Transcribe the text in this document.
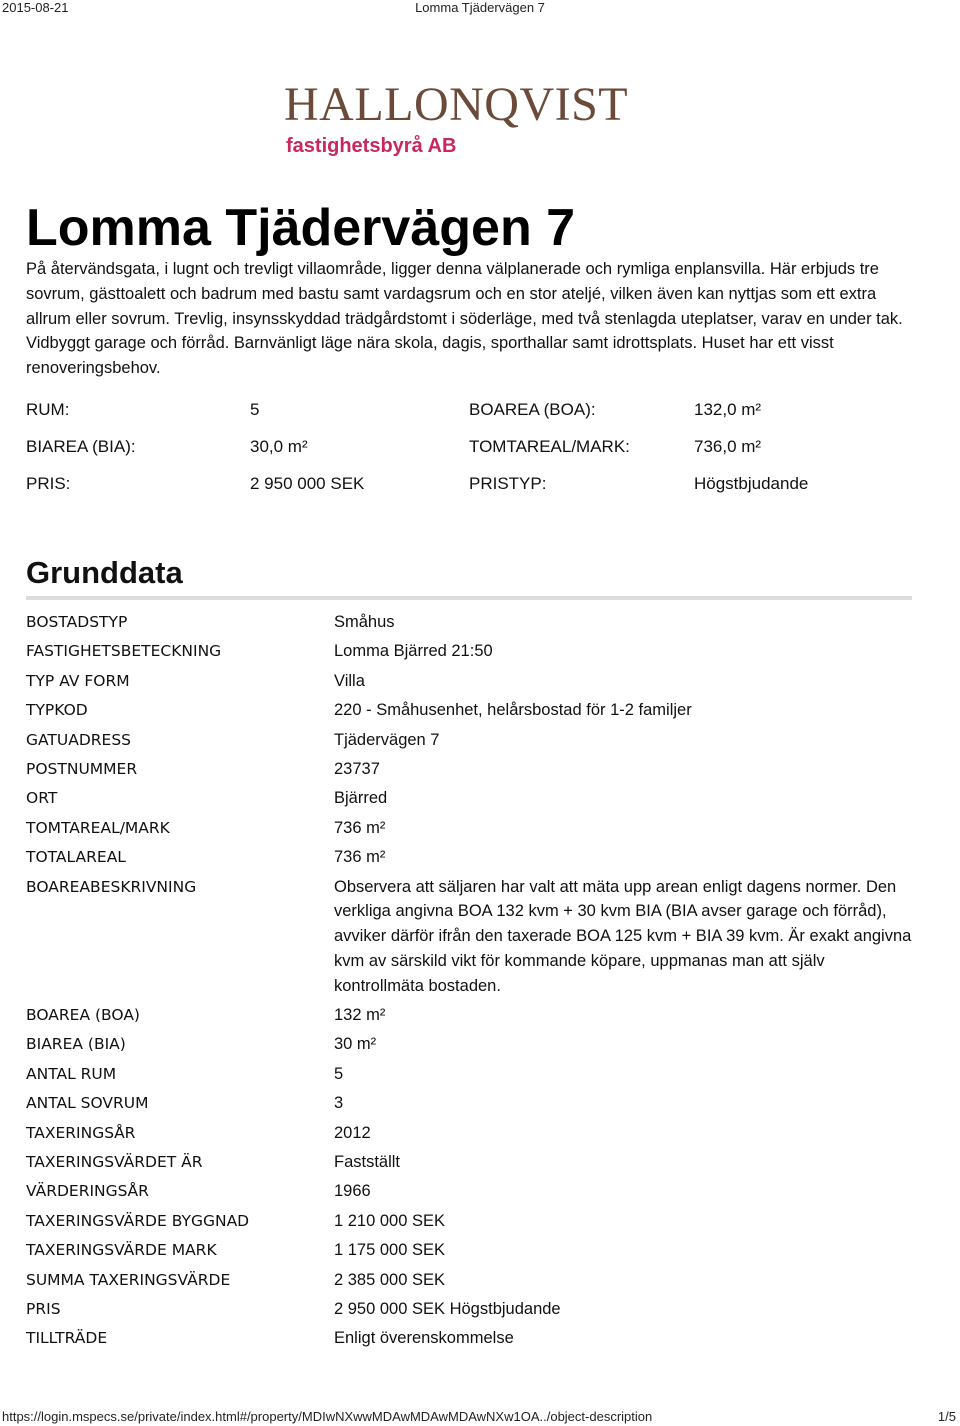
2015-08-21	Lomma Tjädervägen 7
HALLONQVIST
fastighetsbyrå AB
Lomma Tjädervägen 7

På återvändsgata, i lugnt och trevligt villaområde, ligger denna välplanerade och rymliga enplansvilla. Här erbjuds tre sovrum, gästtoalett och badrum med bastu samt vardagsrum och en stor ateljé, vilken även kan nyttjas som ett extra allrum eller sovrum. Trevlig, insynsskyddad trädgårdstomt i söderläge, med två stenlagda uteplatser, varav en under tak. Vidbyggt garage och förråd. Barnvänligt läge nära skola, dagis, sporthallar samt idrottsplats. Huset har ett visst renoveringsbehov.

RUM:	5	BOAREA (BOA):	132,0 m²
BIAREA (BIA):	30,0 m²	TOMTAREAL/MARK:	736,0 m²
PRIS:	2 950 000 SEK	PRISTYP:	Högstbjudande
Grunddata
BOSTADSTYP	Småhus
FASTIGHETSBETECKNING	Lomma Bjärred 21:50
TYP AV FORM	Villa
TYPKOD	220 - Småhusenhet, helårsbostad för 1-2 familjer
GATUADRESS	Tjädervägen 7
POSTNUMMER	23737
ORT	Bjärred
TOMTAREAL/MARK	736 m²
TOTALAREAL	736 m²
BOAREABESKRIVNING	Observera att säljaren har valt att mäta upp arean enligt dagens normer. Den verkliga angivna BOA 132 kvm + 30 kvm BIA (BIA avser garage och förråd), avviker därför ifrån den taxerade BOA 125 kvm + BIA 39 kvm. Är exakt angivna kvm av särskild vikt för kommande köpare, uppmanas man att själv kontrollmäta bostaden.
BOAREA (BOA)	132 m²
BIAREA (BIA)	30 m²
ANTAL RUM	5
ANTAL SOVRUM	3
TAXERINGSÅR	2012
TAXERINGSVÄRDET ÄR	Fastställt
VÄRDERINGSÅR	1966
TAXERINGSVÄRDE BYGGNAD	1 210 000 SEK
TAXERINGSVÄRDE MARK	1 175 000 SEK
SUMMA TAXERINGSVÄRDE	2 385 000 SEK
PRIS	2 950 000 SEK Högstbjudande
TILLTRÄDE	Enligt överenskommelse
https://login.mspecs.se/private/index.html#/property/MDIwNXwwMDAwMDAwMDAwNXw1OA../object-description	1/5
